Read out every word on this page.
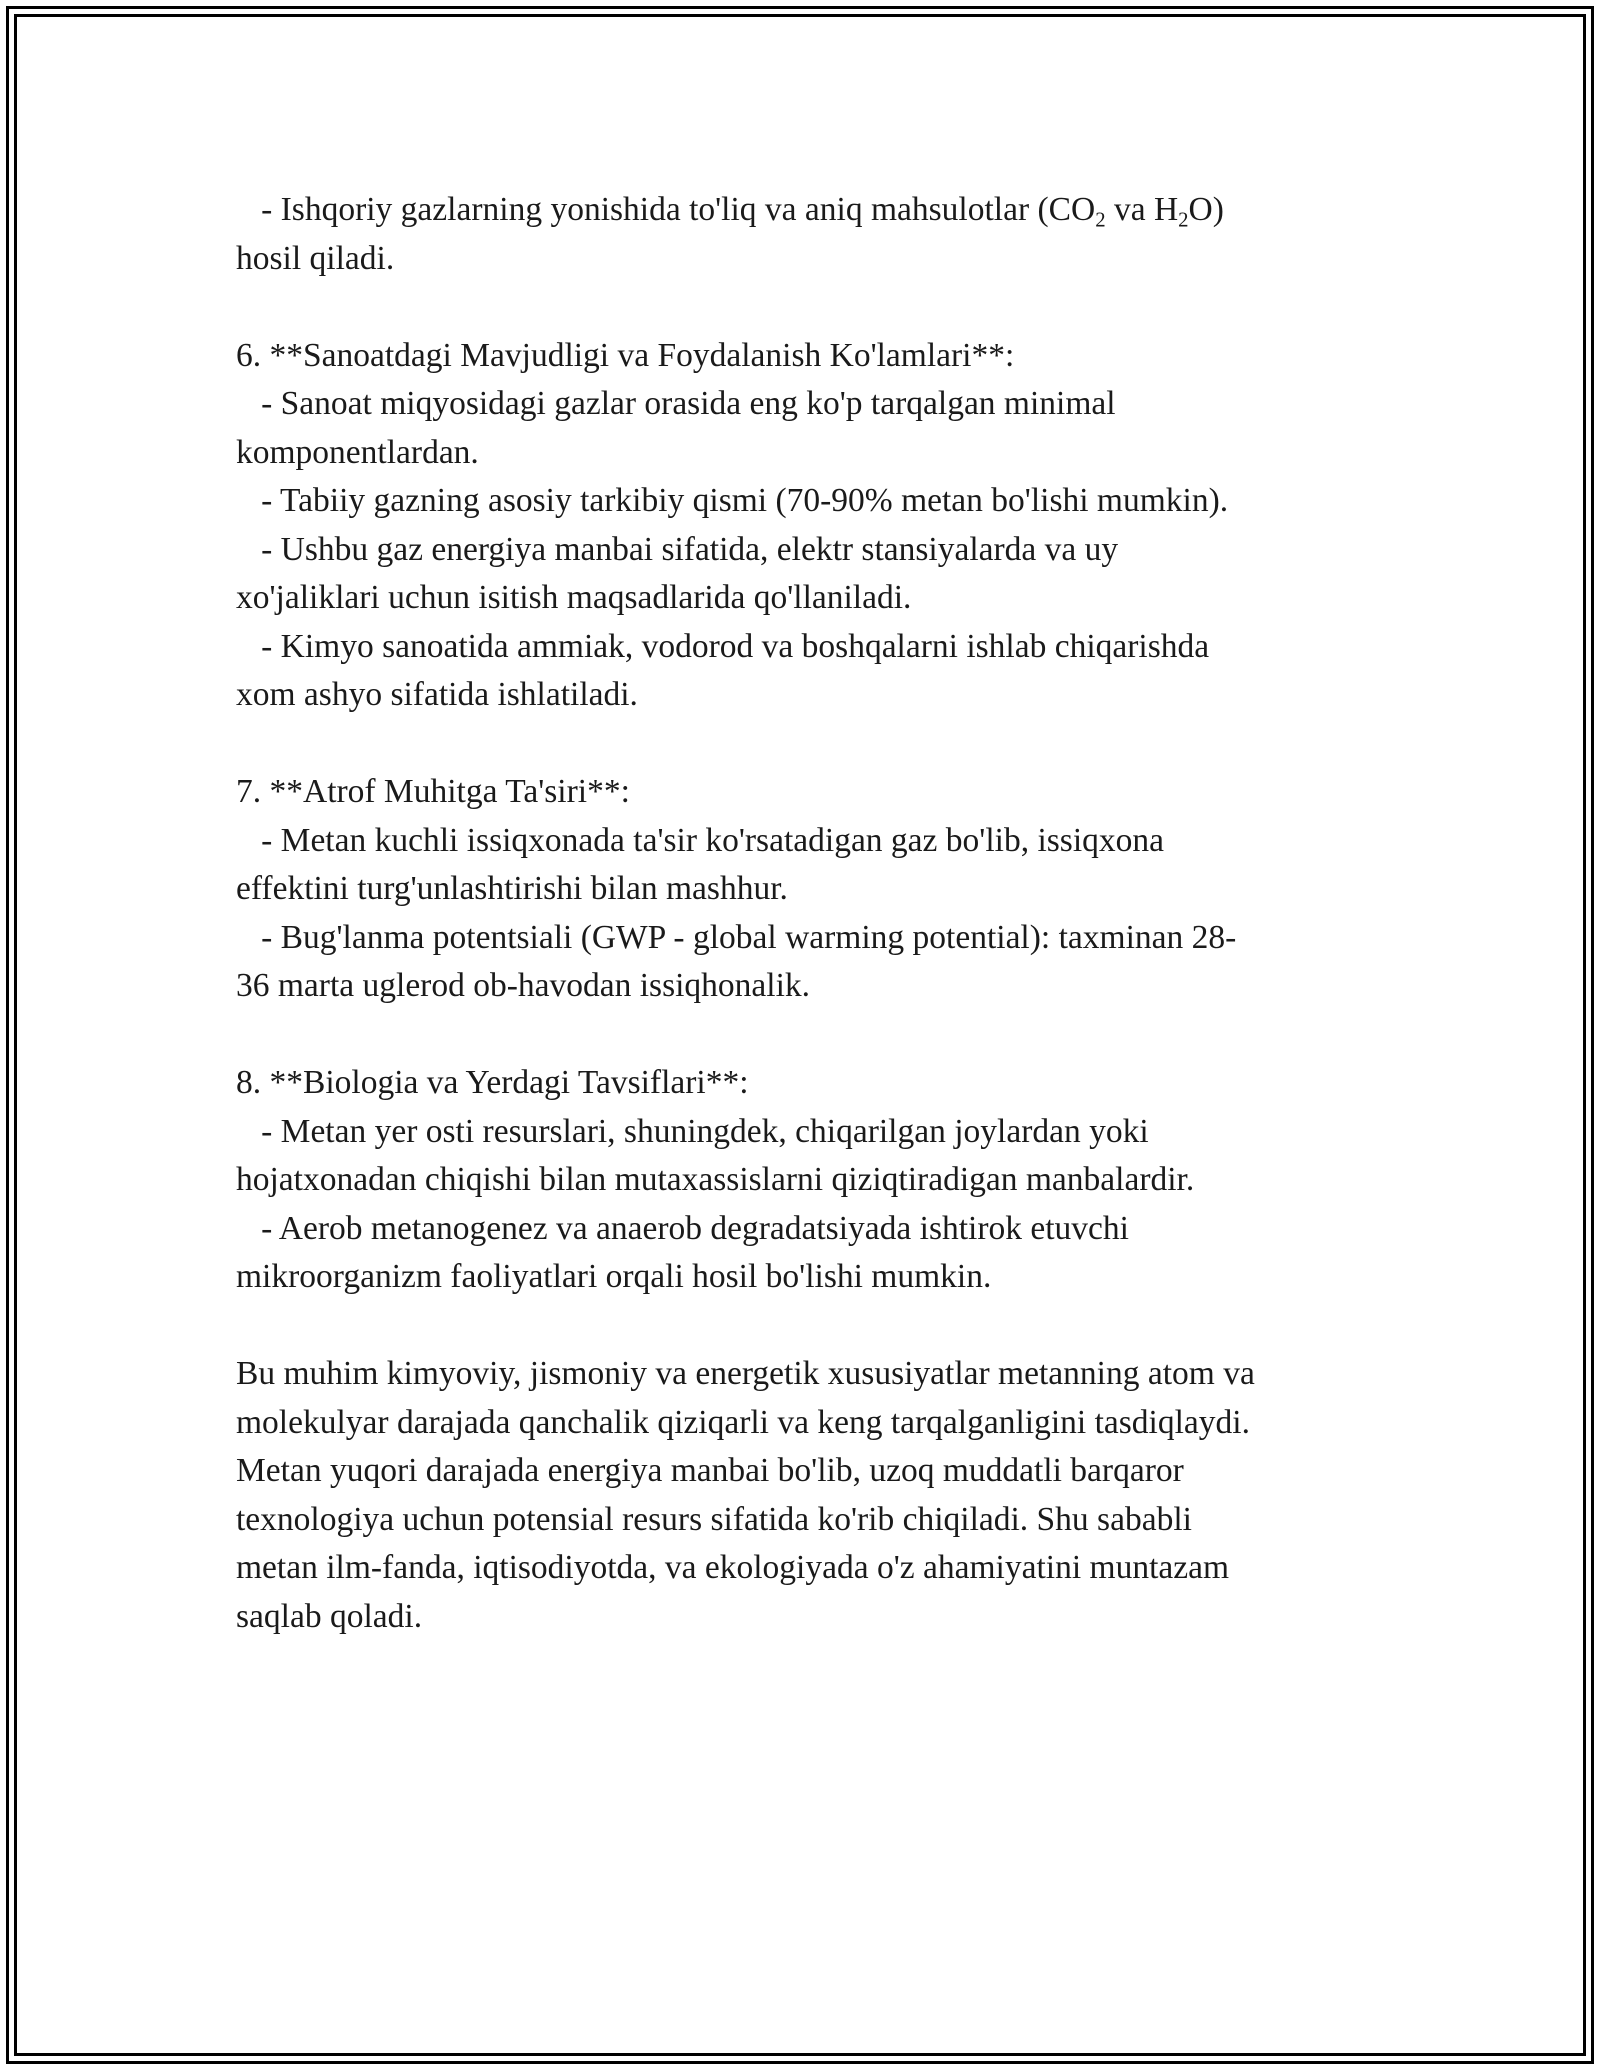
- Ishqoriy gazlarning yonishida to'liq va aniq mahsulotlar ($CO_2$ va $H_2O$)
hosil qiladi.
6. **Sanoatdagi Mavjudligi va Foydalanish Ko'lamlari**:
- Sanoat miqyosidagi gazlar orasida eng ko'p tarqalgan minimal
komponentlardan.
- Tabiiy gazning asosiy tarkibiy qismi (70-90% metan bo'lishi mumkin).
- Ushbu gaz energiya manbai sifatida, elektr stansiyalarda va uy
xo'jaliklari uchun isitish maqsadlarida qo'llaniladi.
- Kimyo sanoatida ammiak, vodorod va boshqalarni ishlab chiqarishda
xom ashyo sifatida ishlatiladi.
7. **Atrof Muhitga Ta'siri**:
- Metan kuchli issiqxonada ta'sir ko'rsatadigan gaz bo'lib, issiqxona
effektini turg'unlashtirishi bilan mashhur.
- Bug'lanma potentsiali (GWP - global warming potential): taxminan 28-
36 marta uglerod ob-havodan issiqhonalik.
8. **Biologia va Yerdagi Tavsiflari**:
- Metan yer osti resurslari, shuningdek, chiqarilgan joylardan yoki
hojatxonadan chiqishi bilan mutaxassislarni qiziqtiradigan manbalardir.
- Aerob metanogenez va anaerob degradatsiyada ishtirok etuvchi
mikroorganizm faoliyatlari orqali hosil bo'lishi mumkin.
Bu muhim kimyoviy, jismoniy va energetik xususiyatlar metanning atom va
molekulyar darajada qanchalik qiziqarli va keng tarqalganligini tasdiqlaydi.
Metan yuqori darajada energiya manbai bo'lib, uzoq muddatli barqaror
texnologiya uchun potensial resurs sifatida ko'rib chiqiladi. Shu sababli
metan ilm-fanda, iqtisodiyotda, va ekologiyada o'z ahamiyatini muntazam
saqlab qoladi.
